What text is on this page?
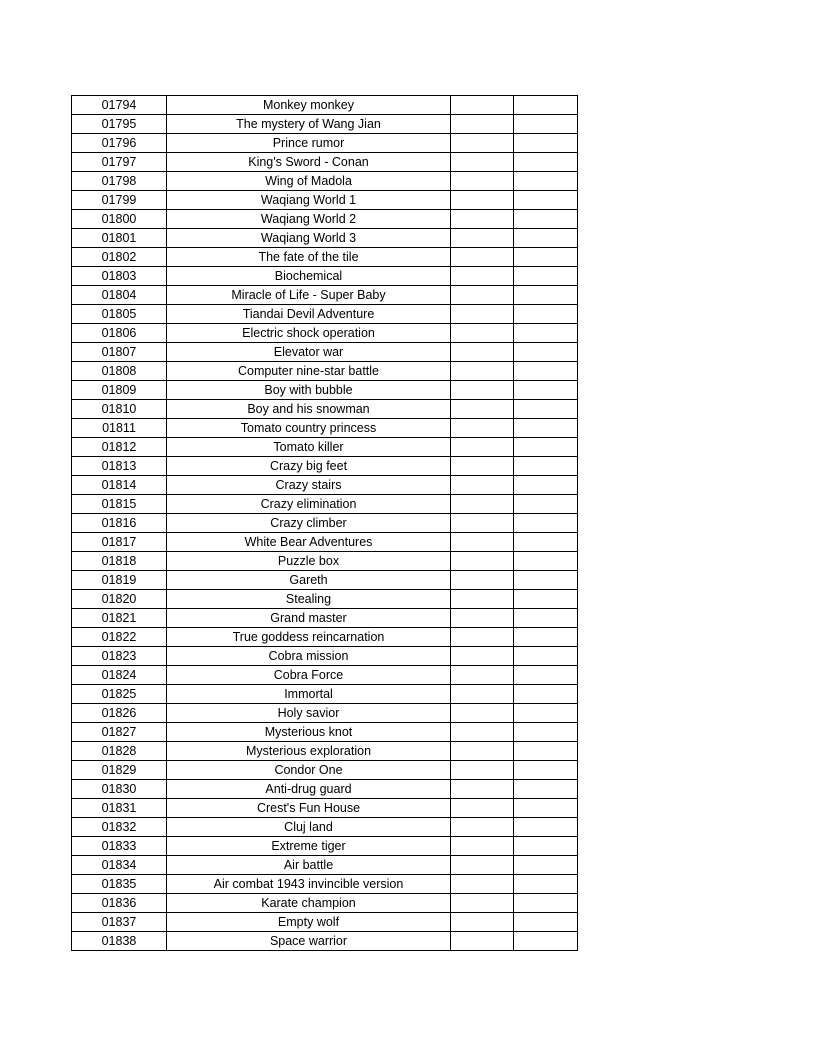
01794	Monkey monkey		
01795	The mystery of Wang Jian		
01796	Prince rumor		
01797	King's Sword - Conan		
01798	Wing of Madola		
01799	Waqiang World 1		
01800	Waqiang World 2		
01801	Waqiang World 3		
01802	The fate of the tile		
01803	Biochemical		
01804	Miracle of Life - Super Baby		
01805	Tiandai Devil Adventure		
01806	Electric shock operation		
01807	Elevator war		
01808	Computer nine-star battle		
01809	Boy with bubble		
01810	Boy and his snowman		
01811	Tomato country princess		
01812	Tomato killer		
01813	Crazy big feet		
01814	Crazy stairs		
01815	Crazy elimination		
01816	Crazy climber		
01817	White Bear Adventures		
01818	Puzzle box		
01819	Gareth		
01820	Stealing		
01821	Grand master		
01822	True goddess reincarnation		
01823	Cobra mission		
01824	Cobra Force		
01825	Immortal		
01826	Holy savior		
01827	Mysterious knot		
01828	Mysterious exploration		
01829	Condor One		
01830	Anti-drug guard		
01831	Crest's Fun House		
01832	Cluj land		
01833	Extreme tiger		
01834	Air battle		
01835	Air combat 1943 invincible version		
01836	Karate champion		
01837	Empty wolf		
01838	Space warrior		
